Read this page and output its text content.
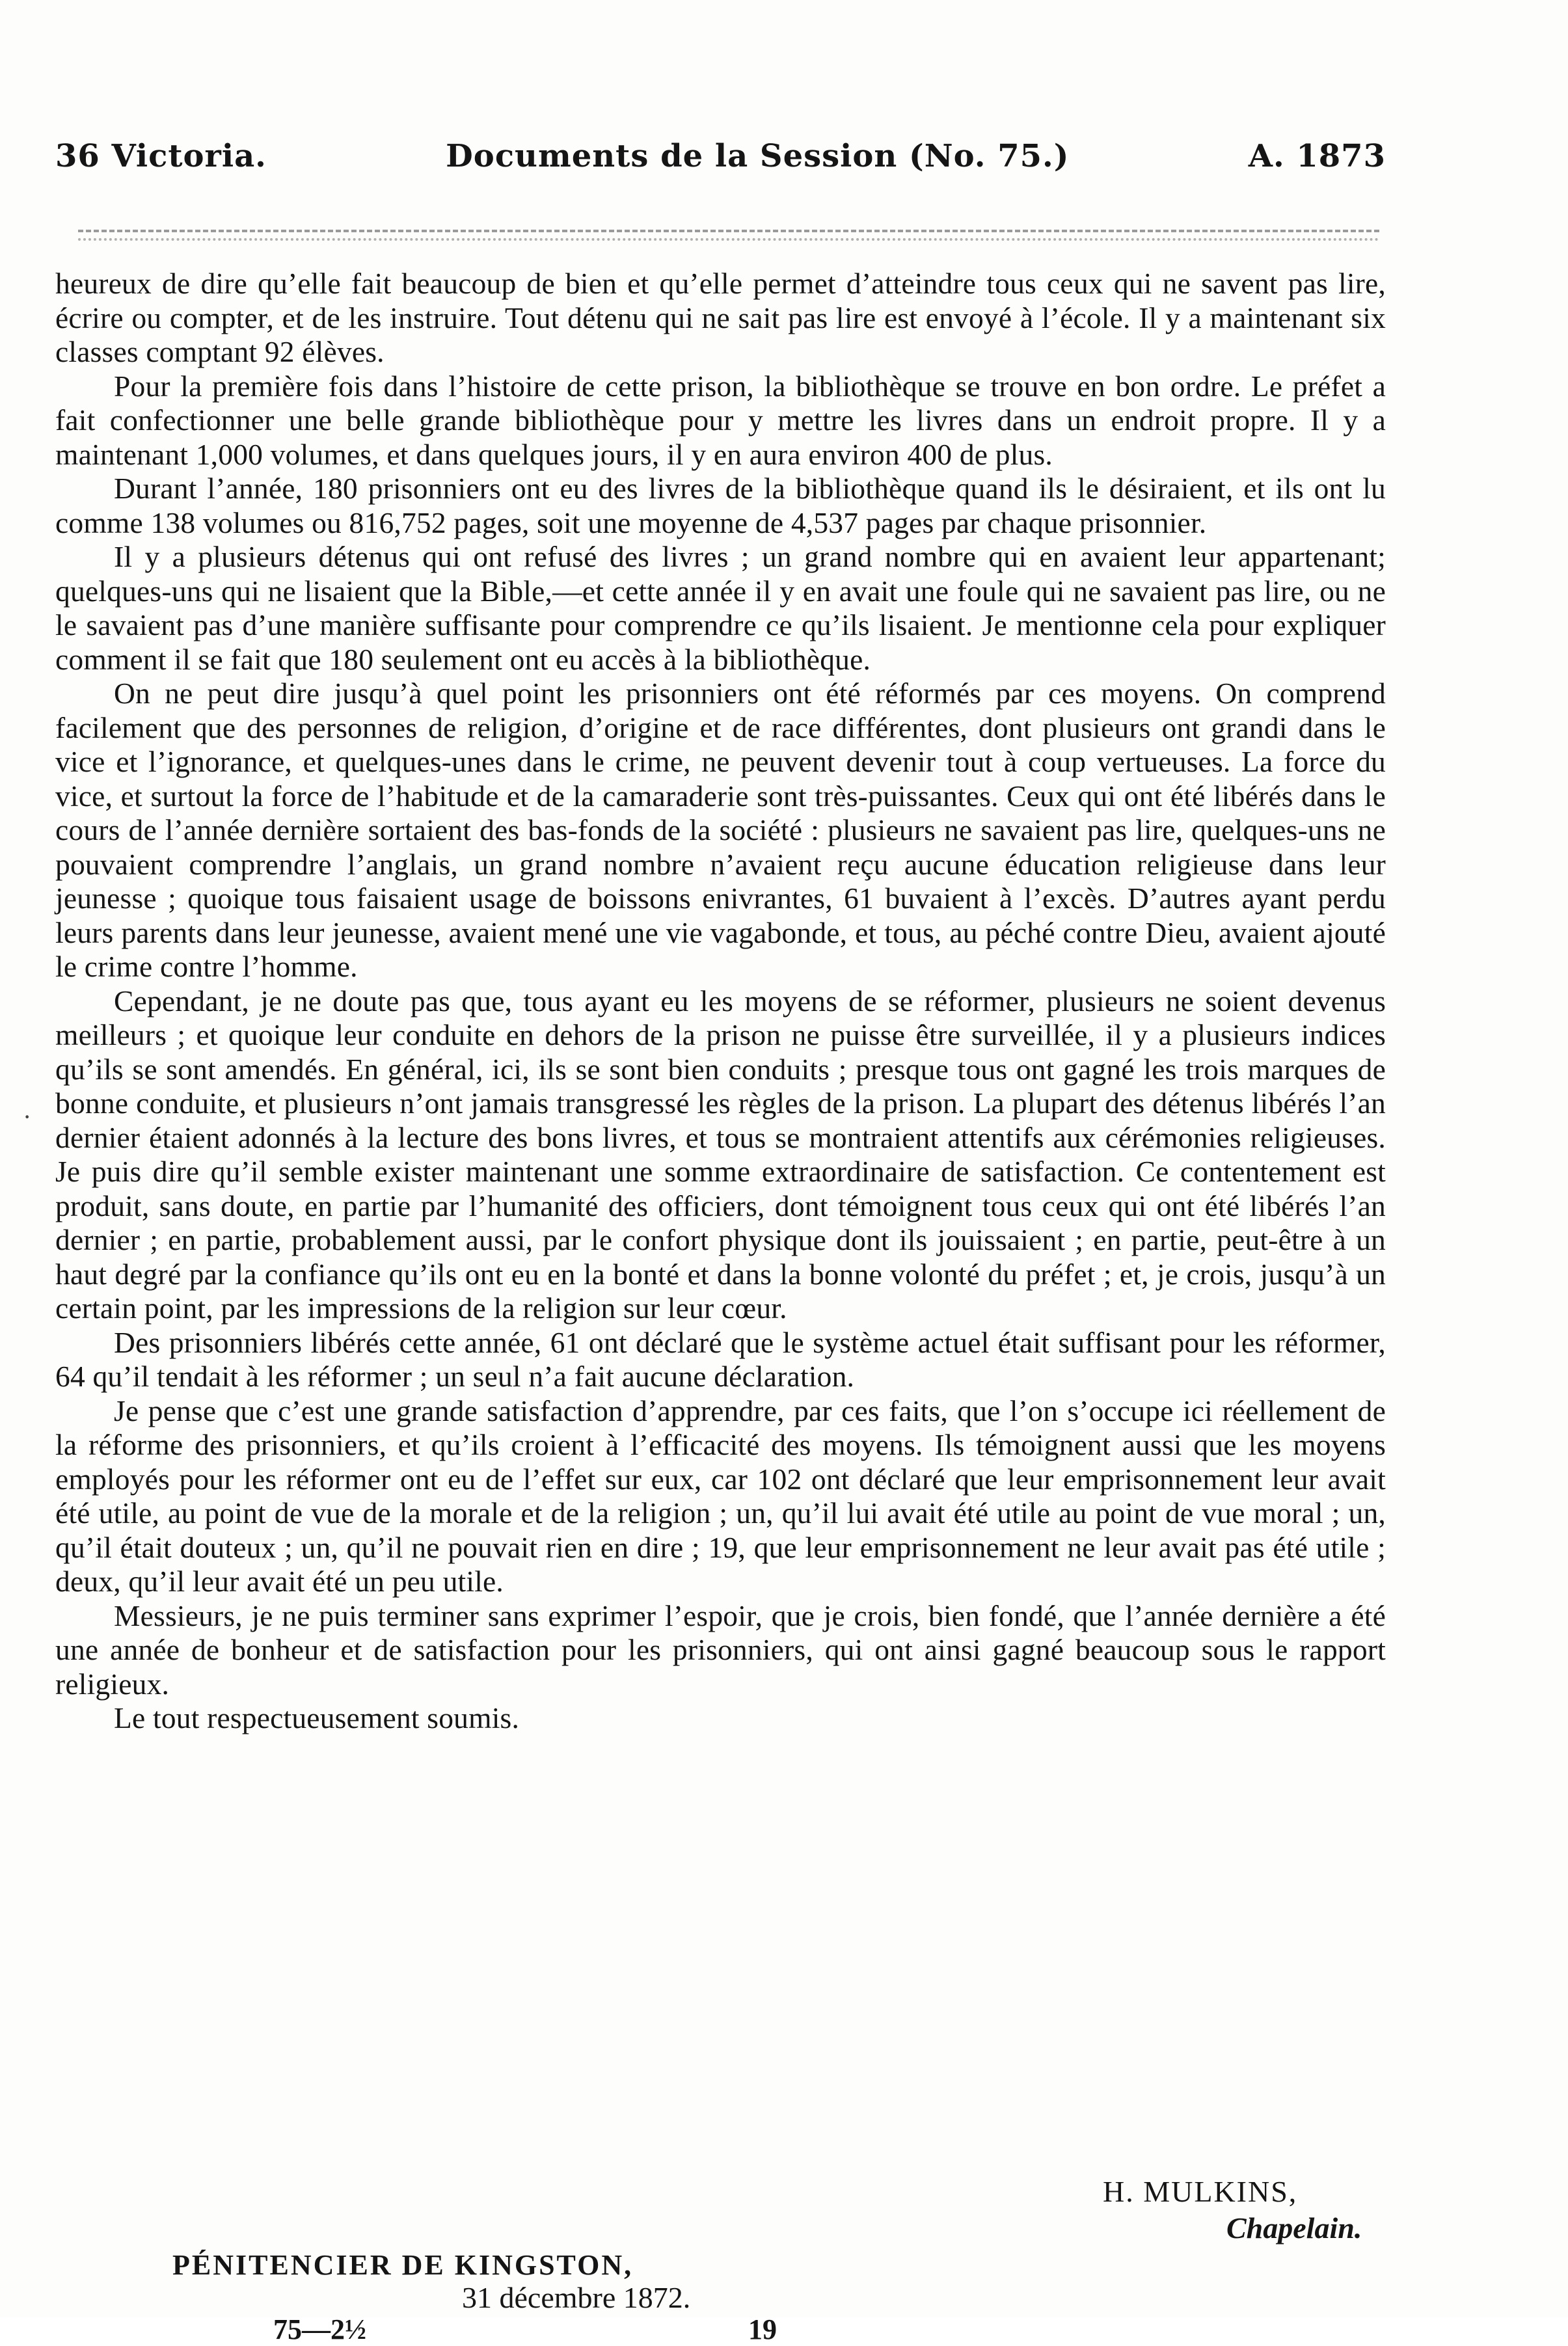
36 Victoria.	Documents de la Session (No. 75.)	A. 1873
·

heureux de dire qu’elle fait beaucoup de bien et qu’elle permet d’atteindre tous ceux qui ne savent pas lire, écrire ou compter, et de les instruire. Tout détenu qui ne sait pas lire est envoyé à l’école. Il y a maintenant six classes comptant 92 élèves.

Pour la première fois dans l’histoire de cette prison, la bibliothèque se trouve en bon ordre. Le préfet a fait confectionner une belle grande bibliothèque pour y mettre les livres dans un endroit propre. Il y a maintenant 1,000 volumes, et dans quelques jours, il y en aura environ 400 de plus.

Durant l’année, 180 prisonniers ont eu des livres de la bibliothèque quand ils le désiraient, et ils ont lu comme 138 volumes ou 816,752 pages, soit une moyenne de 4,537 pages par chaque prisonnier.

Il y a plusieurs détenus qui ont refusé des livres ; un grand nombre qui en avaient leur appartenant; quelques-uns qui ne lisaient que la Bible,—et cette année il y en avait une foule qui ne savaient pas lire, ou ne le savaient pas d’une manière suffisante pour comprendre ce qu’ils lisaient. Je mentionne cela pour expliquer comment il se fait que 180 seulement ont eu accès à la bibliothèque.

On ne peut dire jusqu’à quel point les prisonniers ont été réformés par ces moyens. On comprend facilement que des personnes de religion, d’origine et de race différentes, dont plusieurs ont grandi dans le vice et l’ignorance, et quelques-unes dans le crime, ne peuvent devenir tout à coup vertueuses. La force du vice, et surtout la force de l’habitude et de la camaraderie sont très-puissantes. Ceux qui ont été libérés dans le cours de l’année dernière sortaient des bas-fonds de la société : plusieurs ne savaient pas lire, quelques-uns ne pouvaient comprendre l’anglais, un grand nombre n’avaient reçu aucune éducation religieuse dans leur jeunesse ; quoique tous faisaient usage de boissons enivrantes, 61 buvaient à l’excès. D’autres ayant perdu leurs parents dans leur jeunesse, avaient mené une vie vagabonde, et tous, au péché contre Dieu, avaient ajouté le crime contre l’homme.

Cependant, je ne doute pas que, tous ayant eu les moyens de se réformer, plusieurs ne soient devenus meilleurs ; et quoique leur conduite en dehors de la prison ne puisse être surveillée, il y a plusieurs indices qu’ils se sont amendés. En général, ici, ils se sont bien conduits ; presque tous ont gagné les trois marques de bonne conduite, et plusieurs n’ont jamais transgressé les règles de la prison. La plupart des détenus libérés l’an dernier étaient adonnés à la lecture des bons livres, et tous se montraient attentifs aux cérémonies religieuses. Je puis dire qu’il semble exister maintenant une somme extraordinaire de satisfaction. Ce contentement est produit, sans doute, en partie par l’humanité des officiers, dont témoignent tous ceux qui ont été libérés l’an dernier ; en partie, probablement aussi, par le confort physique dont ils jouissaient ; en partie, peut-être à un haut degré par la confiance qu’ils ont eu en la bonté et dans la bonne volonté du préfet ; et, je crois, jusqu’à un certain point, par les impressions de la religion sur leur cœur.

Des prisonniers libérés cette année, 61 ont déclaré que le système actuel était suffisant pour les réformer, 64 qu’il tendait à les réformer ; un seul n’a fait aucune déclaration.

Je pense que c’est une grande satisfaction d’apprendre, par ces faits, que l’on s’occupe ici réellement de la réforme des prisonniers, et qu’ils croient à l’efficacité des moyens. Ils témoignent aussi que les moyens employés pour les réformer ont eu de l’effet sur eux, car 102 ont déclaré que leur emprisonnement leur avait été utile, au point de vue de la morale et de la religion ; un, qu’il lui avait été utile au point de vue moral ; un, qu’il était douteux ; un, qu’il ne pouvait rien en dire ; 19, que leur emprisonnement ne leur avait pas été utile ; deux, qu’il leur avait été un peu utile.

Messieurs, je ne puis terminer sans exprimer l’espoir, que je crois, bien fondé, que l’année dernière a été une année de bonheur et de satisfaction pour les prisonniers, qui ont ainsi gagné beaucoup sous le rapport religieux.

Le tout respectueusement soumis.

H. MULKINS,
Chapelain.
PÉNITENCIER DE KINGSTON,
31 décembre 1872.
75—2½	19
